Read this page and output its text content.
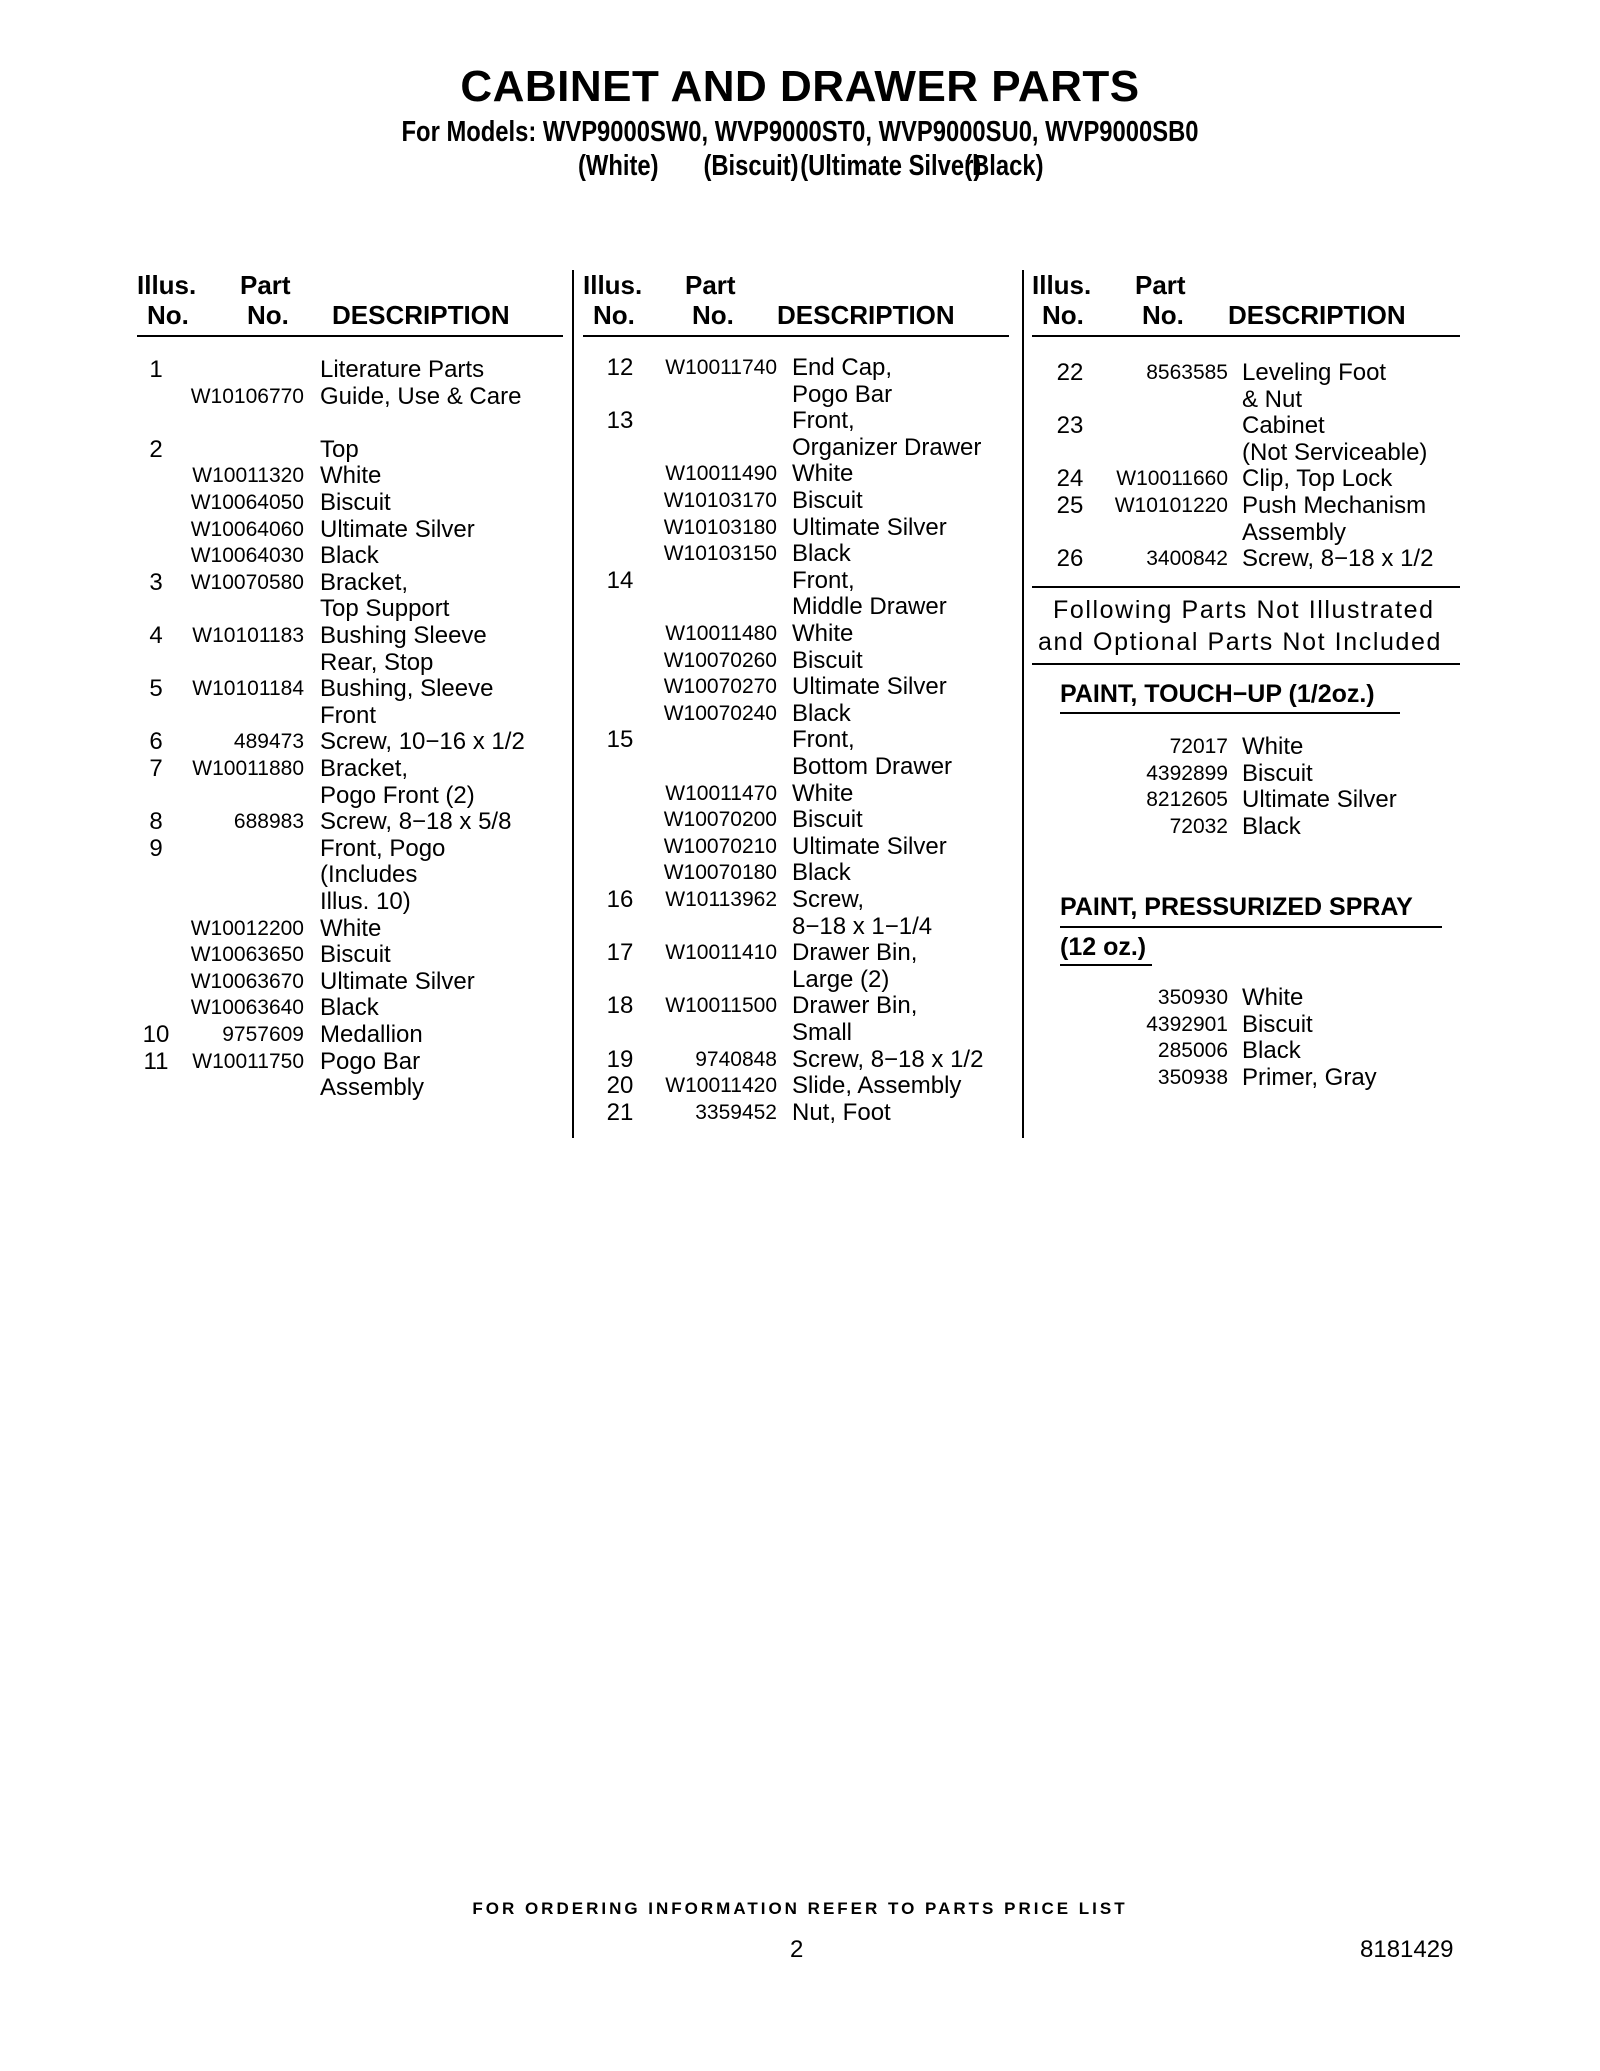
CABINET AND DRAWER PARTS
For Models: WVP9000SW0, WVP9000ST0, WVP9000SU0, WVP9000SB0
(White) (Biscuit)(Ultimate Silver)(Black)
Illus.
No.
Part
No. DESCRIPTION
Illus.
No.
Part
No. DESCRIPTION
Illus.
No.
Part
No. DESCRIPTION
1	Literature Parts
W10106770 Guide, Use & Care
2	Top
W10011320 White
W10064050 Biscuit
W10064060 Ultimate Silver
W10064030 Black
3	W10070580 Bracket,
Top Support
4	W10101183 Bushing Sleeve
Rear, Stop
5	W10101184 Bushing, Sleeve
Front
6	489473 Screw, 10−16 x 1/2
7	W10011880 Bracket,
Pogo Front (2)
8	688983 Screw, 8−18 x 5/8
9	Front, Pogo
(Includes
Illus. 10)
W10012200 White
W10063650 Biscuit
W10063670 Ultimate Silver
W10063640 Black
10	9757609 Medallion
11	W10011750 Pogo Bar
Assembly
12	W10011740 End Cap,
Pogo Bar
13	Front,
Organizer Drawer
W10011490 White
W10103170 Biscuit
W10103180 Ultimate Silver
W10103150 Black
14	Front,
Middle Drawer
W10011480 White
W10070260 Biscuit
W10070270 Ultimate Silver
W10070240 Black
15	Front,
Bottom Drawer
W10011470 White
W10070200 Biscuit
W10070210 Ultimate Silver
W10070180 Black
16	W10113962 Screw,
8−18 x 1−1/4
17	W10011410 Drawer Bin,
Large (2)
18	W10011500 Drawer Bin,
Small
19	9740848 Screw, 8−18 x 1/2
20	W10011420 Slide, Assembly
21	3359452 Nut, Foot
22	8563585 Leveling Foot
& Nut
23	Cabinet
(Not Serviceable)
24	W10011660 Clip, Top Lock
25	W10101220 Push Mechanism
Assembly
26	3400842 Screw, 8−18 x 1/2
Following Parts Not Illustrated
and Optional Parts Not Included
PAINT, TOUCH−UP (1/2oz.)
72017 White
4392899 Biscuit
8212605 Ultimate Silver
72032 Black
PAINT, PRESSURIZED SPRAY
(12 oz.)
350930 White
4392901 Biscuit
285006 Black
350938 Primer, Gray
FOR ORDERING INFORMATION REFER TO PARTS PRICE LIST
2	8181429
